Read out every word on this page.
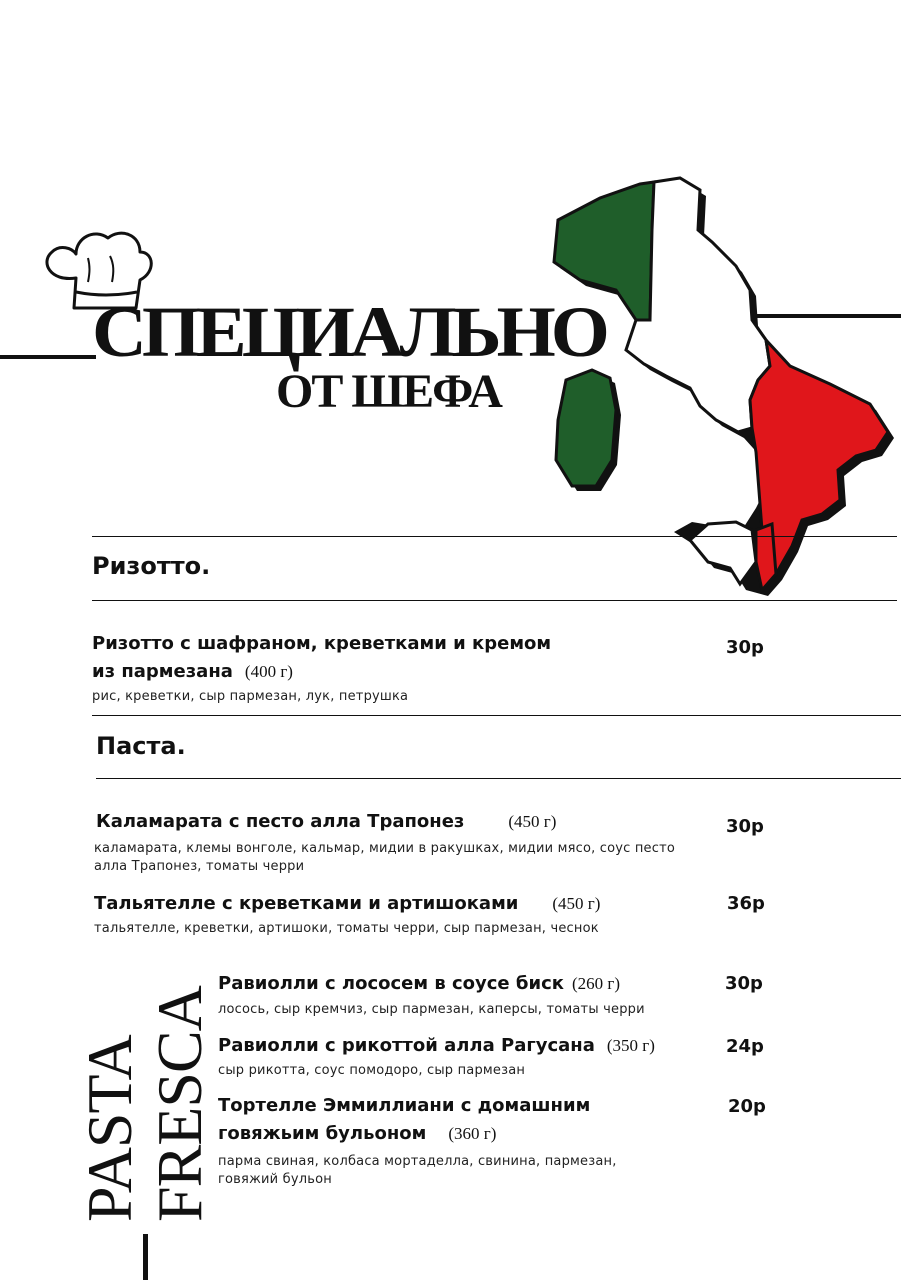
СПЕЦИАЛЬНО
ОТ ШЕФА
Ризотто.
Ризотто с шафраном, креветками и кремом
из пармезана (400 г)
рис, креветки, сыр пармезан, лук, петрушка
30р
Паста.
Каламарата с песто алла Трапонез	(450 г)
каламарата, клемы вонголе, кальмар, мидии в ракушках, мидии мясо, соус песто алла Трапонез, томаты черри
30р
Тальятелле с креветками и артишоками (450 г)
тальятелле, креветки, артишоки, томаты черри, сыр пармезан, чеснок
36р
PASTA FRESCA
Равиолли с лососем в соусе биск (260 г)
лосось, сыр кремчиз, сыр пармезан, каперсы, томаты черри
30р
Равиолли с рикоттой алла Рагусана (350 г)
сыр рикотта, соус помодоро, сыр пармезан
24р
Тортелле Эммиллиани с домашним
говяжьим бульоном (360 г)
парма свиная, колбаса мортаделла, свинина, пармезан, говяжий бульон
20р
